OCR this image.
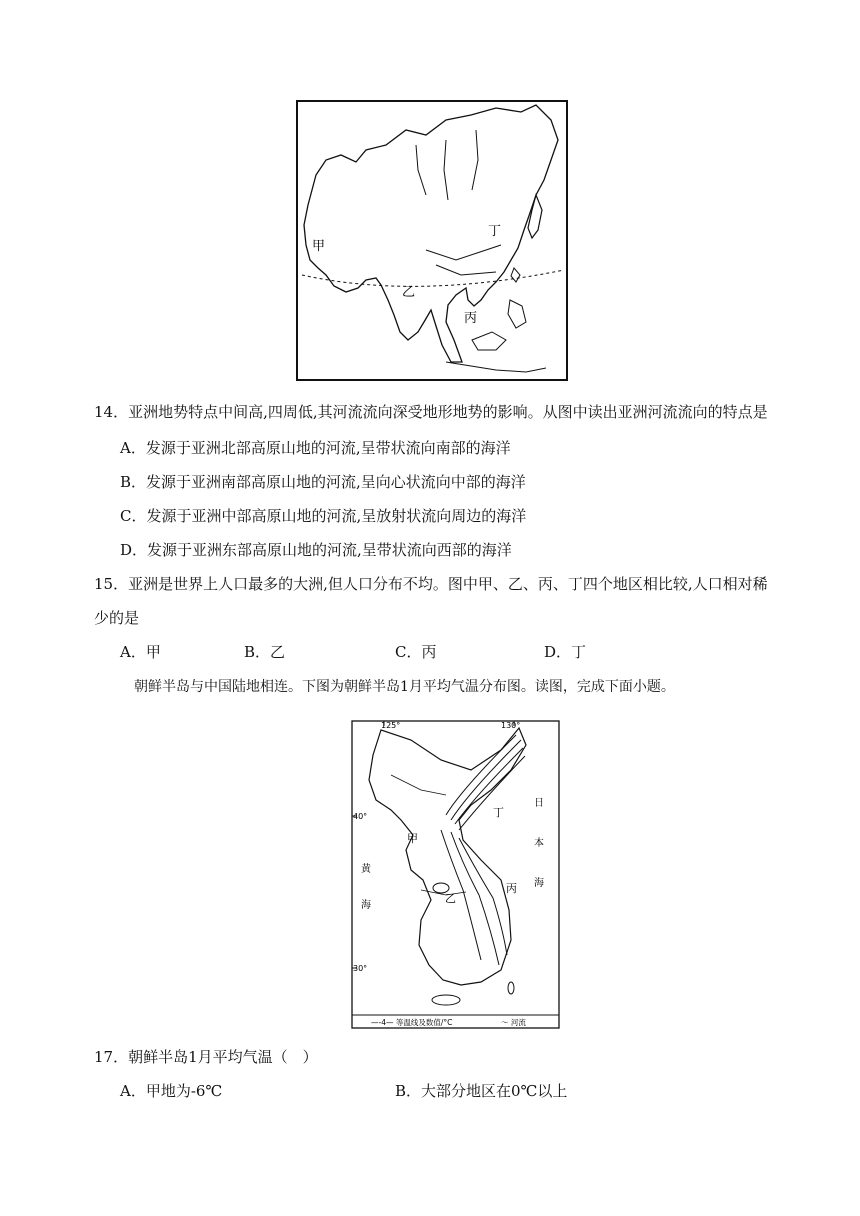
甲
乙
丙
丁
14．亚洲地势特点中间高,四周低,其河流流向深受地形地势的影响。从图中读出亚洲河流流向的特点是
A．发源于亚洲北部高原山地的河流,呈带状流向南部的海洋
B．发源于亚洲南部高原山地的河流,呈向心状流向中部的海洋
C．发源于亚洲中部高原山地的河流,呈放射状流向周边的海洋
D．发源于亚洲东部高原山地的河流,呈带状流向西部的海洋
15．亚洲是世界上人口最多的大洲,但人口分布不均。图中甲、乙、丙、丁四个地区相比较,人口相对稀
少的是
A．甲	B．乙	C．丙	D．丁
朝鲜半岛与中国陆地相连。下图为朝鲜半岛1月平均气温分布图。读图，完成下面小题。
125°	130°
40°
30°
甲
乙
丙
丁
黄
海
日
本
海
—-4— 等温线及数值/°C	～ 河流
17．朝鲜半岛1月平均气温（　）
A．甲地为-6℃	B．大部分地区在0℃以上
